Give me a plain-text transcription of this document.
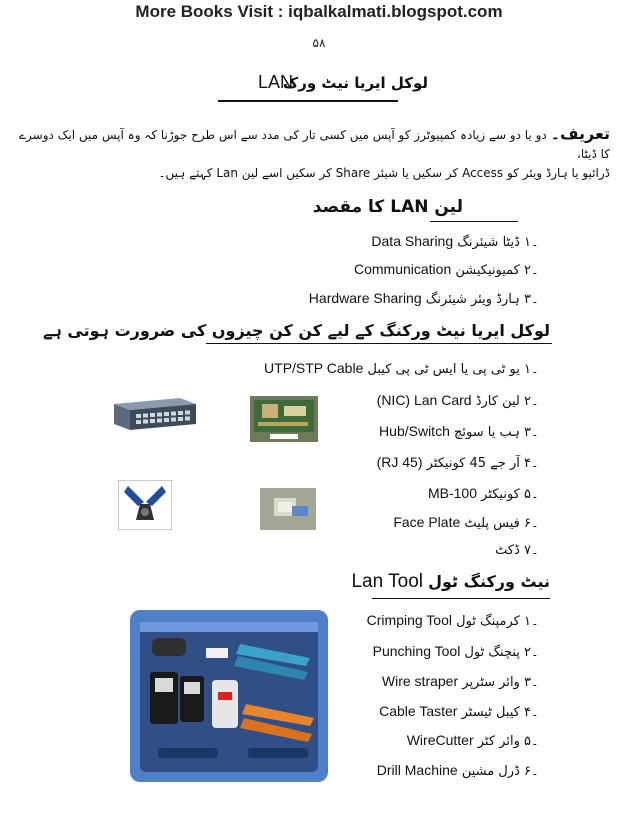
More Books Visit : iqbalkalmati.blogspot.com
۵۸
LAN
لوکل ایریا نیٹ ورک
تعریف۔ دو یا دو سے زیادہ کمپیوٹرز کو آپس میں کسی تار کی مدد سے اس طرح جوڑنا کہ وہ آپس میں ایک دوسرے کا ڈیٹا،
ڈرائیو یا ہارڈ ویئر کو Access کر سکیں یا شیئر Share کر سکیں اسے لین Lan کہتے ہیں۔
لین LAN کا مقصد
Data Sharing ڈیٹا شیئرنگ ۱۔
Communication کمیونیکیشن ۲۔
Hardware Sharing ہارڈ ویئر شیئرنگ ۳۔
لوکل ایریا نیٹ ورکنگ کے لیے کن کن چیزوں کی ضرورت ہوتی ہے
UTP/STP Cable یو ٹی پی یا ایس ٹی پی کیبل ۱۔
(NIC) Lan Card لین کارڈ ۲۔
Hub/Switch ہب یا سوئچ ۳۔
(RJ 45) آر جے 45 کونیکٹر ۴۔
MB-100 کونیکٹر ۵۔
Face Plate فیس پلیٹ ۶۔
ڈکٹ ۷۔
Lan Tool نیٹ ورکنگ ٹول
Crimping Tool کرمپنگ ٹول ۱۔
Punching Tool پنچنگ ٹول ۲۔
Wire straper وائر سٹرپر ۳۔
Cable Taster کیبل ٹیسٹر ۴۔
WireCutter وائر کٹر ۵۔
Drill Machine ڈرل مشین ۶۔
